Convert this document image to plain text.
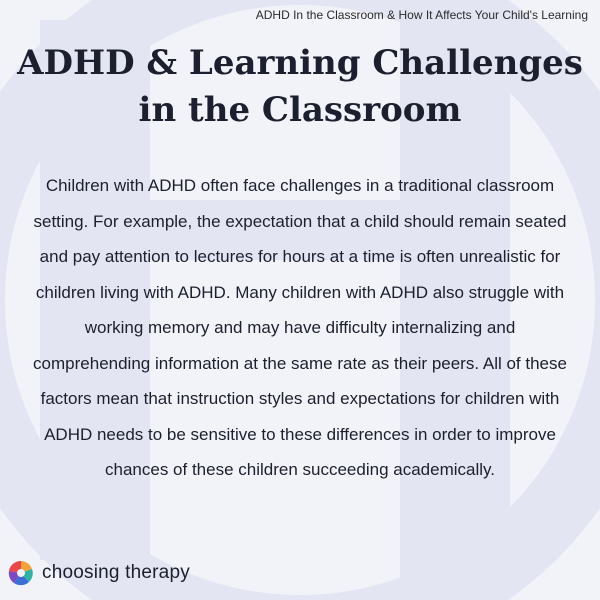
ADHD In the Classroom & How It Affects Your Child's Learning
ADHD & Learning Challenges in the Classroom

Children with ADHD often face challenges in a traditional classroom setting. For example, the expectation that a child should remain seated and pay attention to lectures for hours at a time is often unrealistic for children living with ADHD. Many children with ADHD also struggle with working memory and may have difficulty internalizing and comprehending information at the same rate as their peers. All of these factors mean that instruction styles and expectations for children with ADHD needs to be sensitive to these differences in order to improve chances of these children succeeding academically.

choosing therapy
